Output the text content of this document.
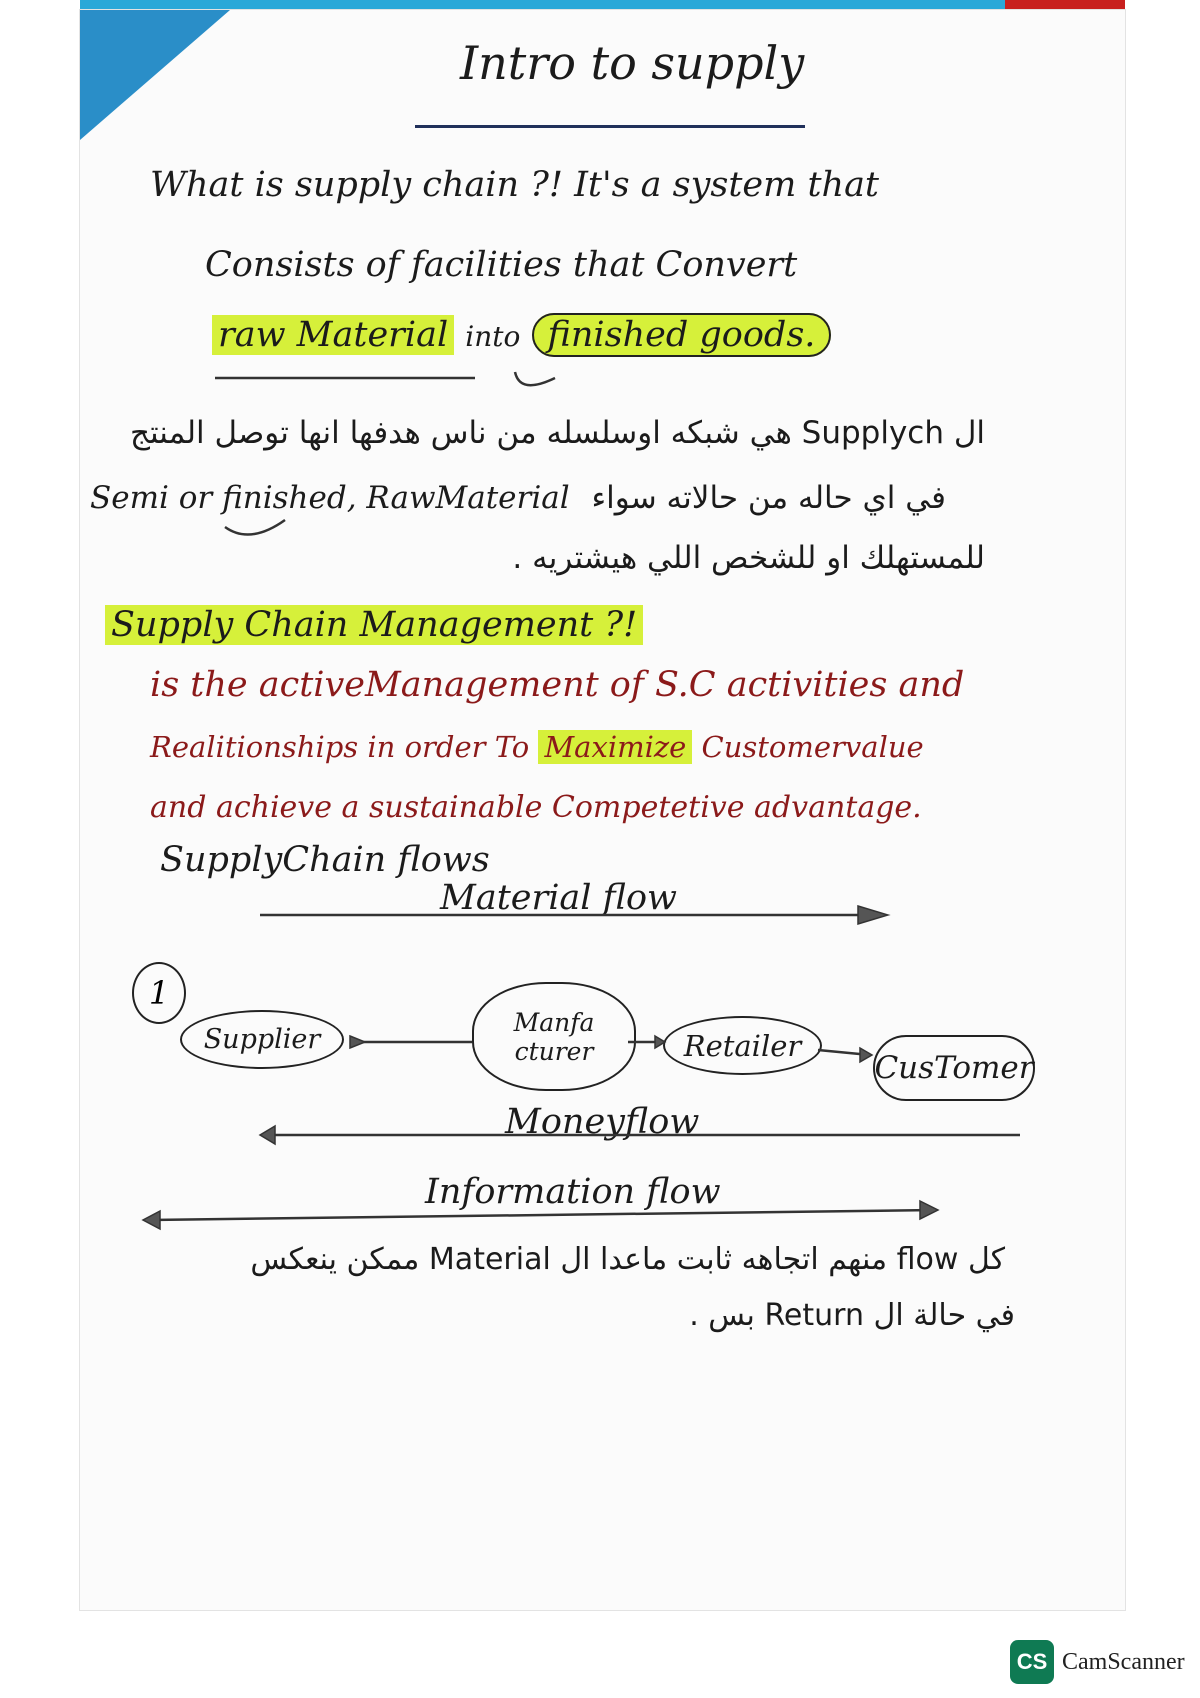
Intro to supply
What is supply chain ?! It's a system that
Consists of facilities that Convert
raw Material into finished goods.
ال Supplych هي شبكه اوسلسله من ناس هدفها انها توصل المنتج
Semi or finished, RawMaterial في اي حاله من حالاته سواء
للمستهلك او للشخص اللي هيشتريه .
Supply Chain Management ?!
is the activeManagement of S.C activities and
Realitionships in order To Maximize Customervalue
and achieve a sustainable Competetive advantage.
SupplyChain flows
1
Material flow
Supplier
Manfa
cturer	Retailer
CusTomer
Moneyflow
Information flow
كل flow منهم اتجاهه ثابت ماعدا ال Material ممكن ينعكس
في حالة ال Return بس .
CS CamScanner
